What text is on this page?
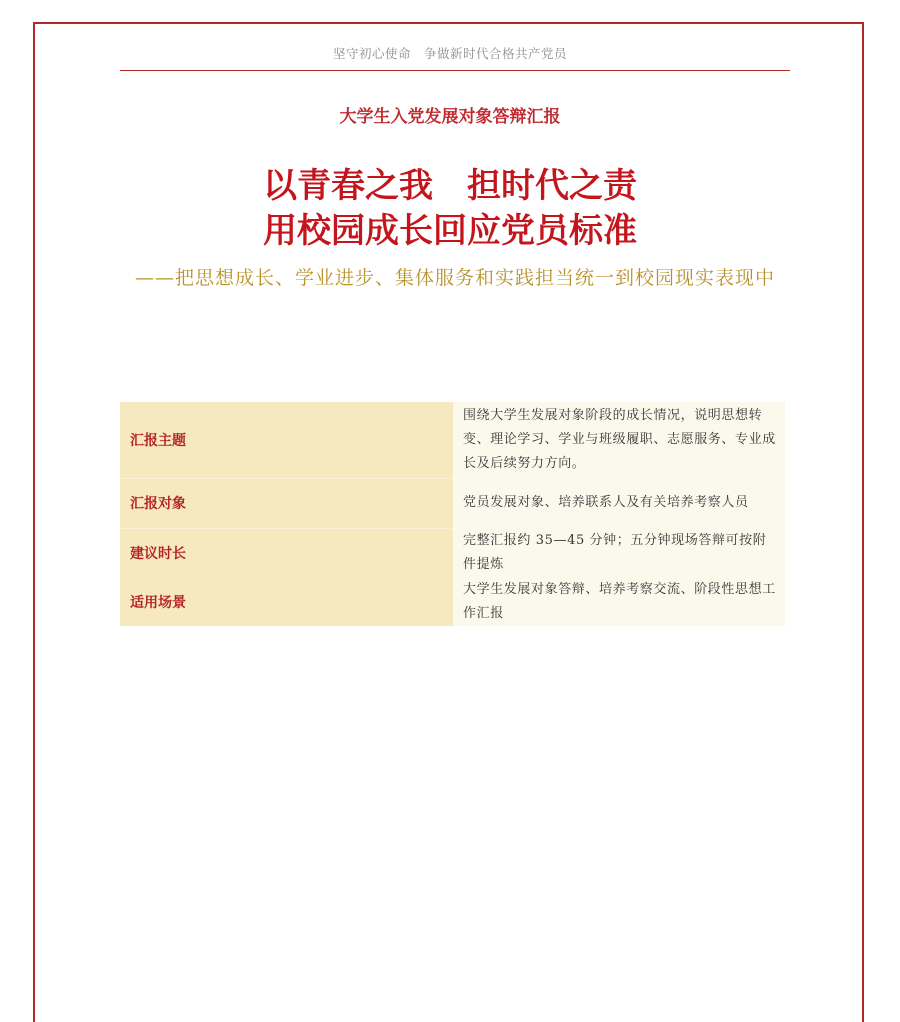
坚守初心使命　争做新时代合格共产党员
大学生入党发展对象答辩汇报
以青春之我　担时代之责
用校园成长回应党员标准
——把思想成长、学业进步、集体服务和实践担当统一到校园现实表现中
汇报主题	围绕大学生发展对象阶段的成长情况，说明思想转变、理论学习、学业与班级履职、志愿服务、专业成长及后续努力方向。
汇报对象	党员发展对象、培养联系人及有关培养考察人员
建议时长	完整汇报约 35—45 分钟；五分钟现场答辩可按附件提炼
适用场景	大学生发展对象答辩、培养考察交流、阶段性思想工作汇报
